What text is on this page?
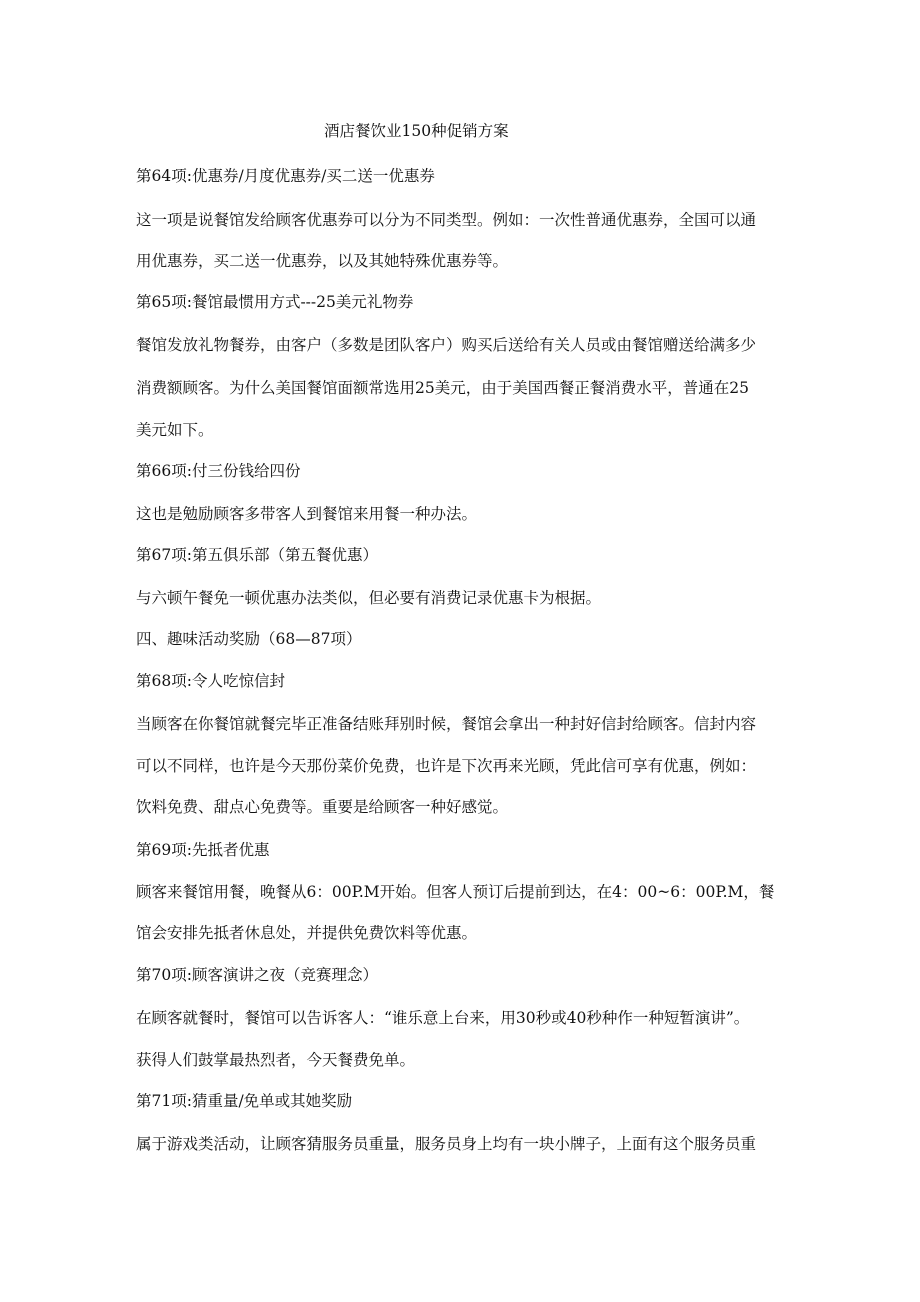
酒店餐饮业150种促销方案
第64项:优惠券/月度优惠券/买二送一优惠券
这一项是说餐馆发给顾客优惠券可以分为不同类型。例如：一次性普通优惠券，全国可以通
用优惠券，买二送一优惠券，以及其她特殊优惠券等。
第65项:餐馆最惯用方式---25美元礼物券
餐馆发放礼物餐券，由客户（多数是团队客户）购买后送给有关人员或由餐馆赠送给满多少
消费额顾客。为什么美国餐馆面额常选用25美元，由于美国西餐正餐消费水平，普通在25
美元如下。
第66项:付三份钱给四份
这也是勉励顾客多带客人到餐馆来用餐一种办法。
第67项:第五俱乐部（第五餐优惠）
与六顿午餐免一顿优惠办法类似，但必要有消费记录优惠卡为根据。
四、趣味活动奖励（68—87项）
第68项:令人吃惊信封
当顾客在你餐馆就餐完毕正准备结账拜别时候，餐馆会拿出一种封好信封给顾客。信封内容
可以不同样，也许是今天那份菜价免费，也许是下次再来光顾，凭此信可享有优惠，例如：
饮料免费、甜点心免费等。重要是给顾客一种好感觉。
第69项:先抵者优惠
顾客来餐馆用餐，晚餐从6：00P.M开始。但客人预订后提前到达，在4：00~6：00P.M，餐
馆会安排先抵者休息处，并提供免费饮料等优惠。
第70项:顾客演讲之夜（竞赛理念）
在顾客就餐时，餐馆可以告诉客人：“谁乐意上台来，用30秒或40秒种作一种短暂演讲”。
获得人们鼓掌最热烈者，今天餐费免单。
第71项:猜重量/免单或其她奖励
属于游戏类活动，让顾客猜服务员重量，服务员身上均有一块小牌子，上面有这个服务员重
